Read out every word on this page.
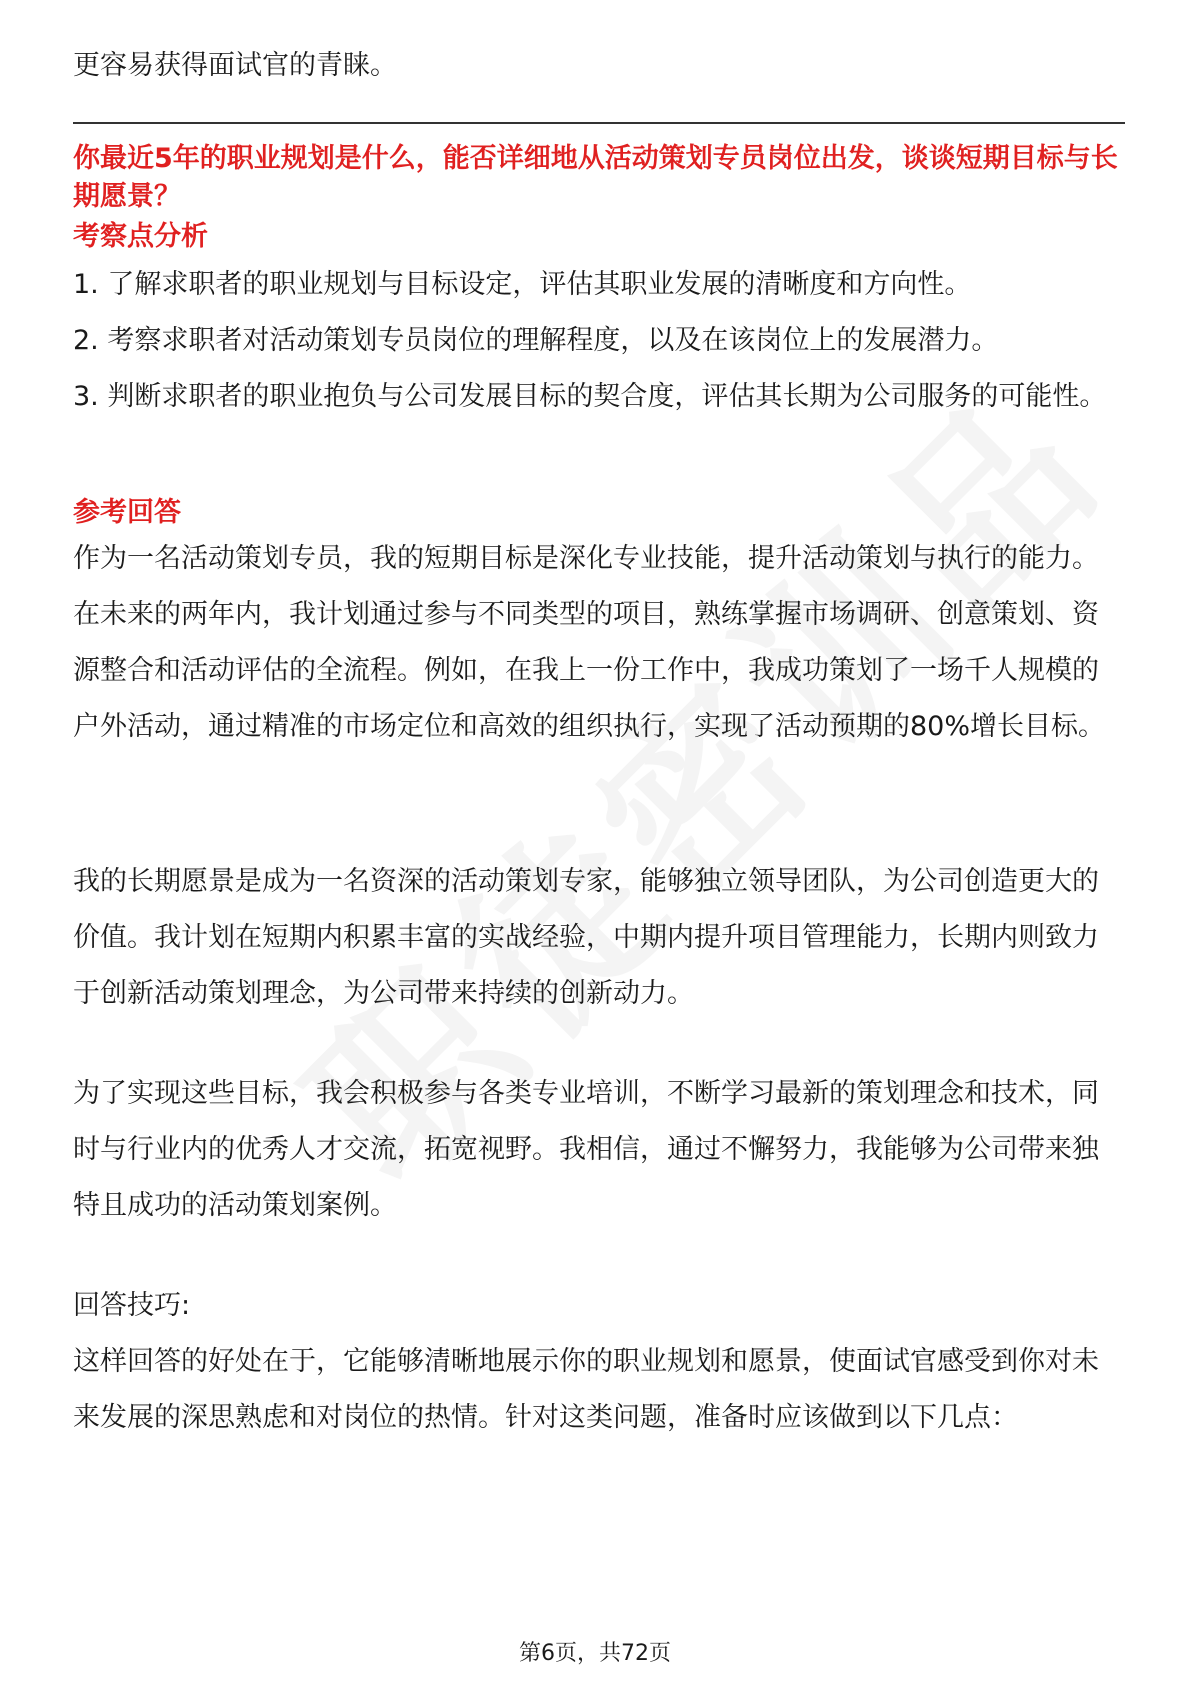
更容易获得面试官的青睐。
你最近5年的职业规划是什么，能否详细地从活动策划专员岗位出发，谈谈短期目标与长期愿景？
考察点分析

1. 了解求职者的职业规划与目标设定，评估其职业发展的清晰度和方向性。

2. 考察求职者对活动策划专员岗位的理解程度，以及在该岗位上的发展潜力。

3. 判断求职者的职业抱负与公司发展目标的契合度，评估其长期为公司服务的可能性。

参考回答
作为一名活动策划专员，我的短期目标是深化专业技能，提升活动策划与执行的能力。在未来的两年内，我计划通过参与不同类型的项目，熟练掌握市场调研、创意策划、资源整合和活动评估的全流程。例如，在我上一份工作中，我成功策划了一场千人规模的户外活动，通过精准的市场定位和高效的组织执行，实现了活动预期的80%增长目标。
我的长期愿景是成为一名资深的活动策划专家，能够独立领导团队，为公司创造更大的价值。我计划在短期内积累丰富的实战经验，中期内提升项目管理能力，长期内则致力于创新活动策划理念，为公司带来持续的创新动力。
为了实现这些目标，我会积极参与各类专业培训，不断学习最新的策划理念和技术，同时与行业内的优秀人才交流，拓宽视野。我相信，通过不懈努力，我能够为公司带来独特且成功的活动策划案例。
回答技巧:
这样回答的好处在于，它能够清晰地展示你的职业规划和愿景，使面试官感受到你对未来发展的深思熟虑和对岗位的热情。针对这类问题，准备时应该做到以下几点：
第6页，共72页
